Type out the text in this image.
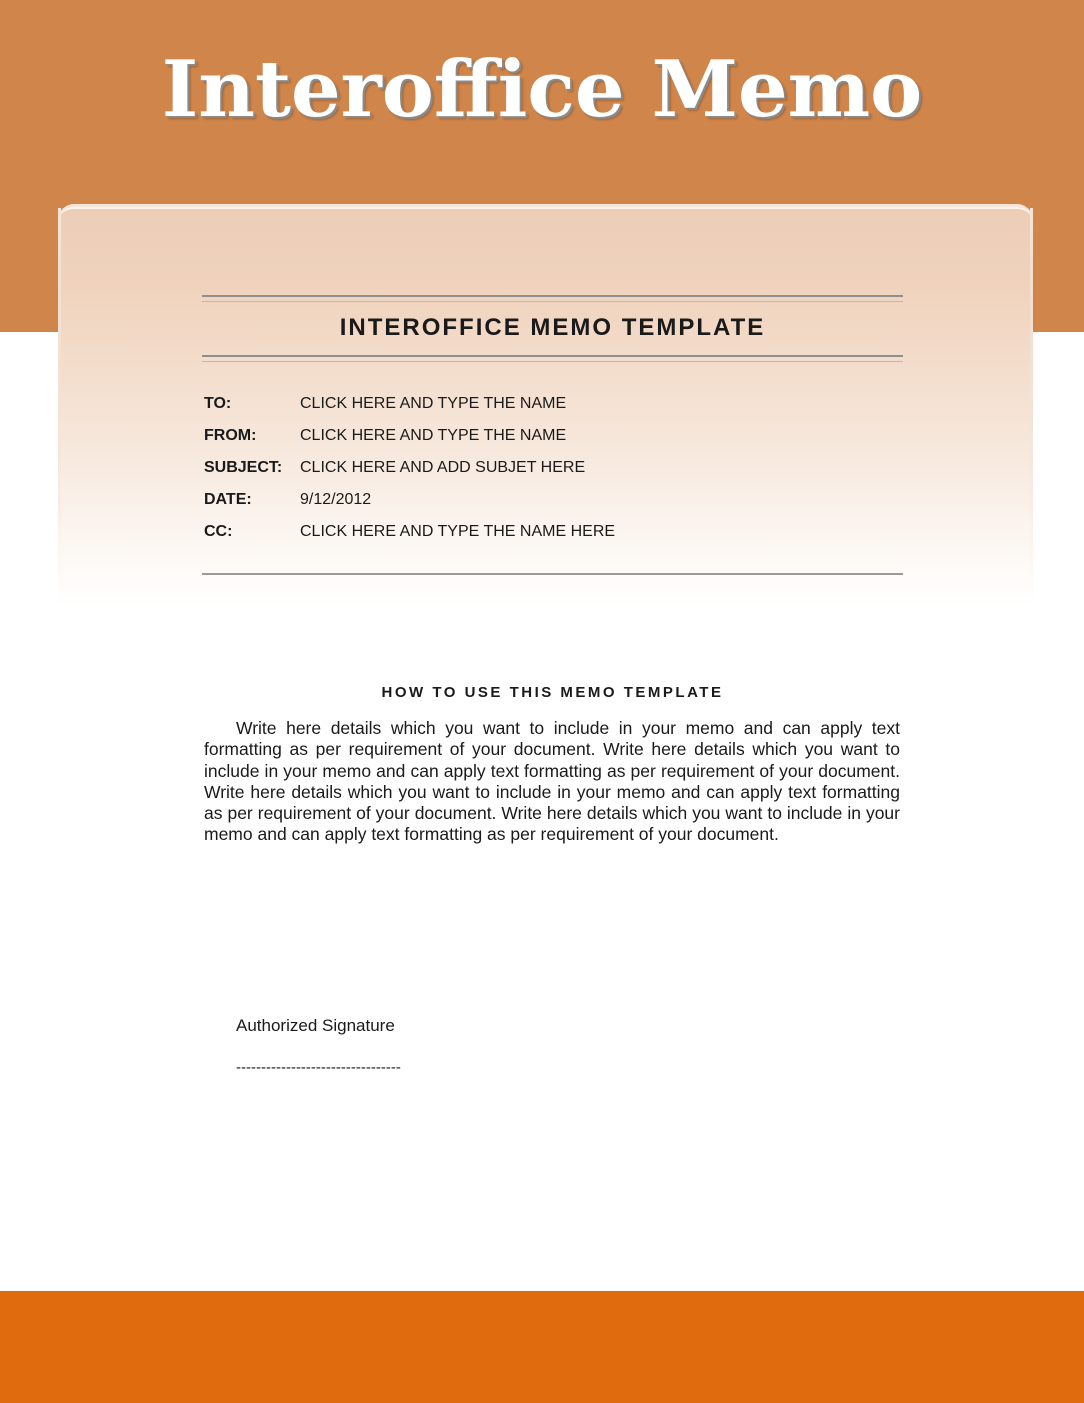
Interoffice Memo
INTEROFFICE MEMO TEMPLATE
TO:	CLICK HERE AND TYPE THE NAME
FROM:	CLICK HERE AND TYPE THE NAME
SUBJECT:	CLICK HERE AND ADD SUBJET HERE
DATE:	9/12/2012
CC:	CLICK HERE AND TYPE THE NAME HERE
HOW TO USE THIS MEMO TEMPLATE
Write here details which you want to include in your memo and can apply text formatting as per requirement of your document. Write here details which you want to include in your memo and can apply text formatting as per requirement of your document. Write here details which you want to include in your memo and can apply text formatting as per requirement of your document. Write here details which you want to include in your memo and can apply text formatting as per requirement of your document.
Authorized Signature
---------------------------------
